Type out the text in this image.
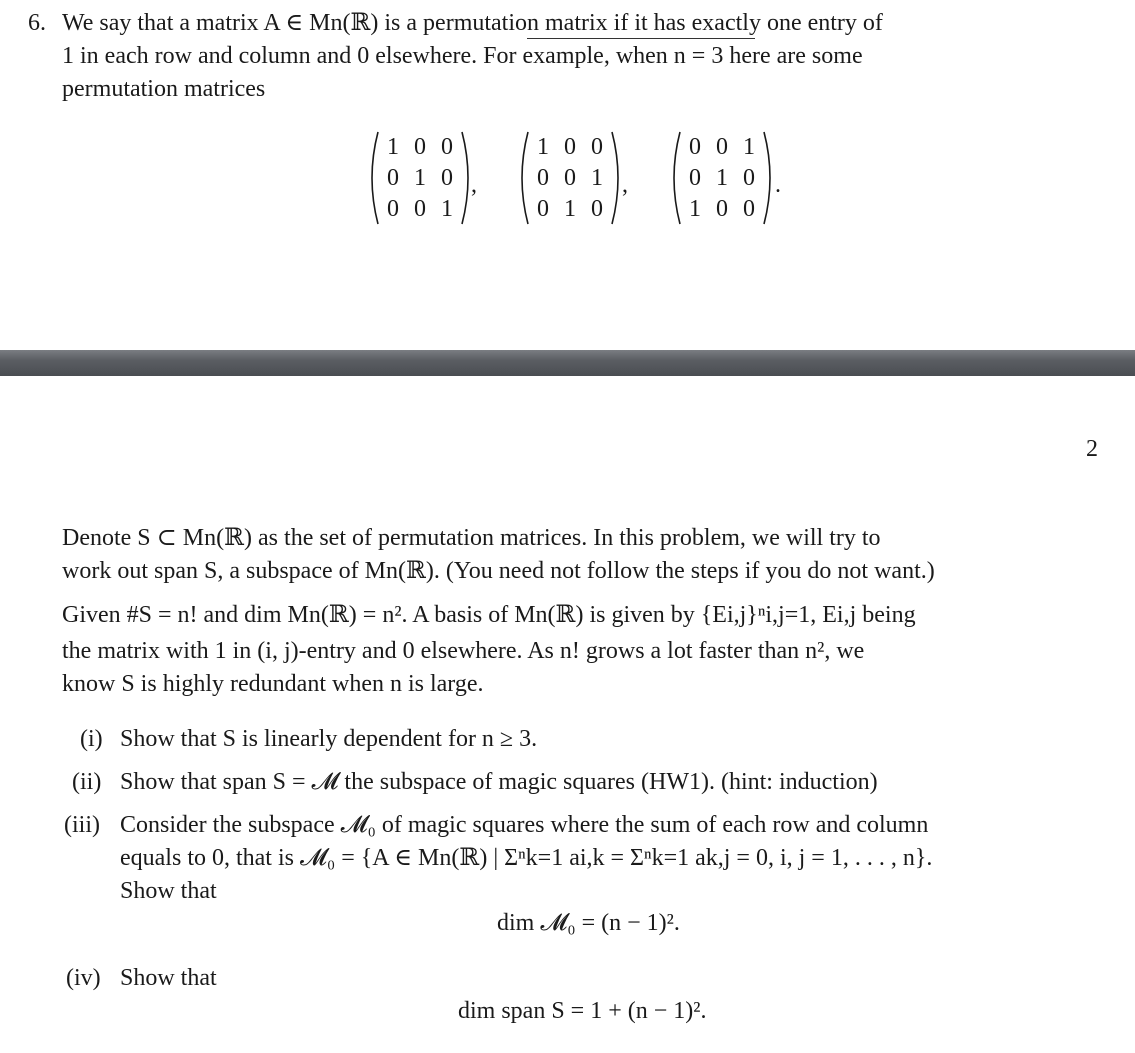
6. We say that a matrix A ∈ Mn(ℝ) is a permutation matrix if it has exactly one entry of
1 in each row and column and 0 elsewhere. For example, when n = 3 here are some
permutation matrices
1 0 0
0 1 0
0 0 1
1 0 0
0 0 1
0 1 0
0 0 1
0 1 0
1 0 0
,	,	.
2
Denote S ⊂ Mn(ℝ) as the set of permutation matrices. In this problem, we will try to
work out span S, a subspace of Mn(ℝ). (You need not follow the steps if you do not want.)
Given #S = n! and dim Mn(ℝ) = n². A basis of Mn(ℝ) is given by {Ei,j}ⁿi,j=1, Ei,j being
the matrix with 1 in (i, j)-entry and 0 elsewhere. As n! grows a lot faster than n², we
know S is highly redundant when n is large.
(i) Show that S is linearly dependent for n ≥ 3.
(ii) Show that span S = 𝓜 the subspace of magic squares (HW1). (hint: induction)
(iii) Consider the subspace 𝓜₀ of magic squares where the sum of each row and column
equals to 0, that is 𝓜₀ = {A ∈ Mn(ℝ) | Σⁿk=1 ai,k = Σⁿk=1 ak,j = 0, i, j = 1, . . . , n}.
Show that
dim 𝓜₀ = (n − 1)².
(iv) Show that
dim span S = 1 + (n − 1)².
